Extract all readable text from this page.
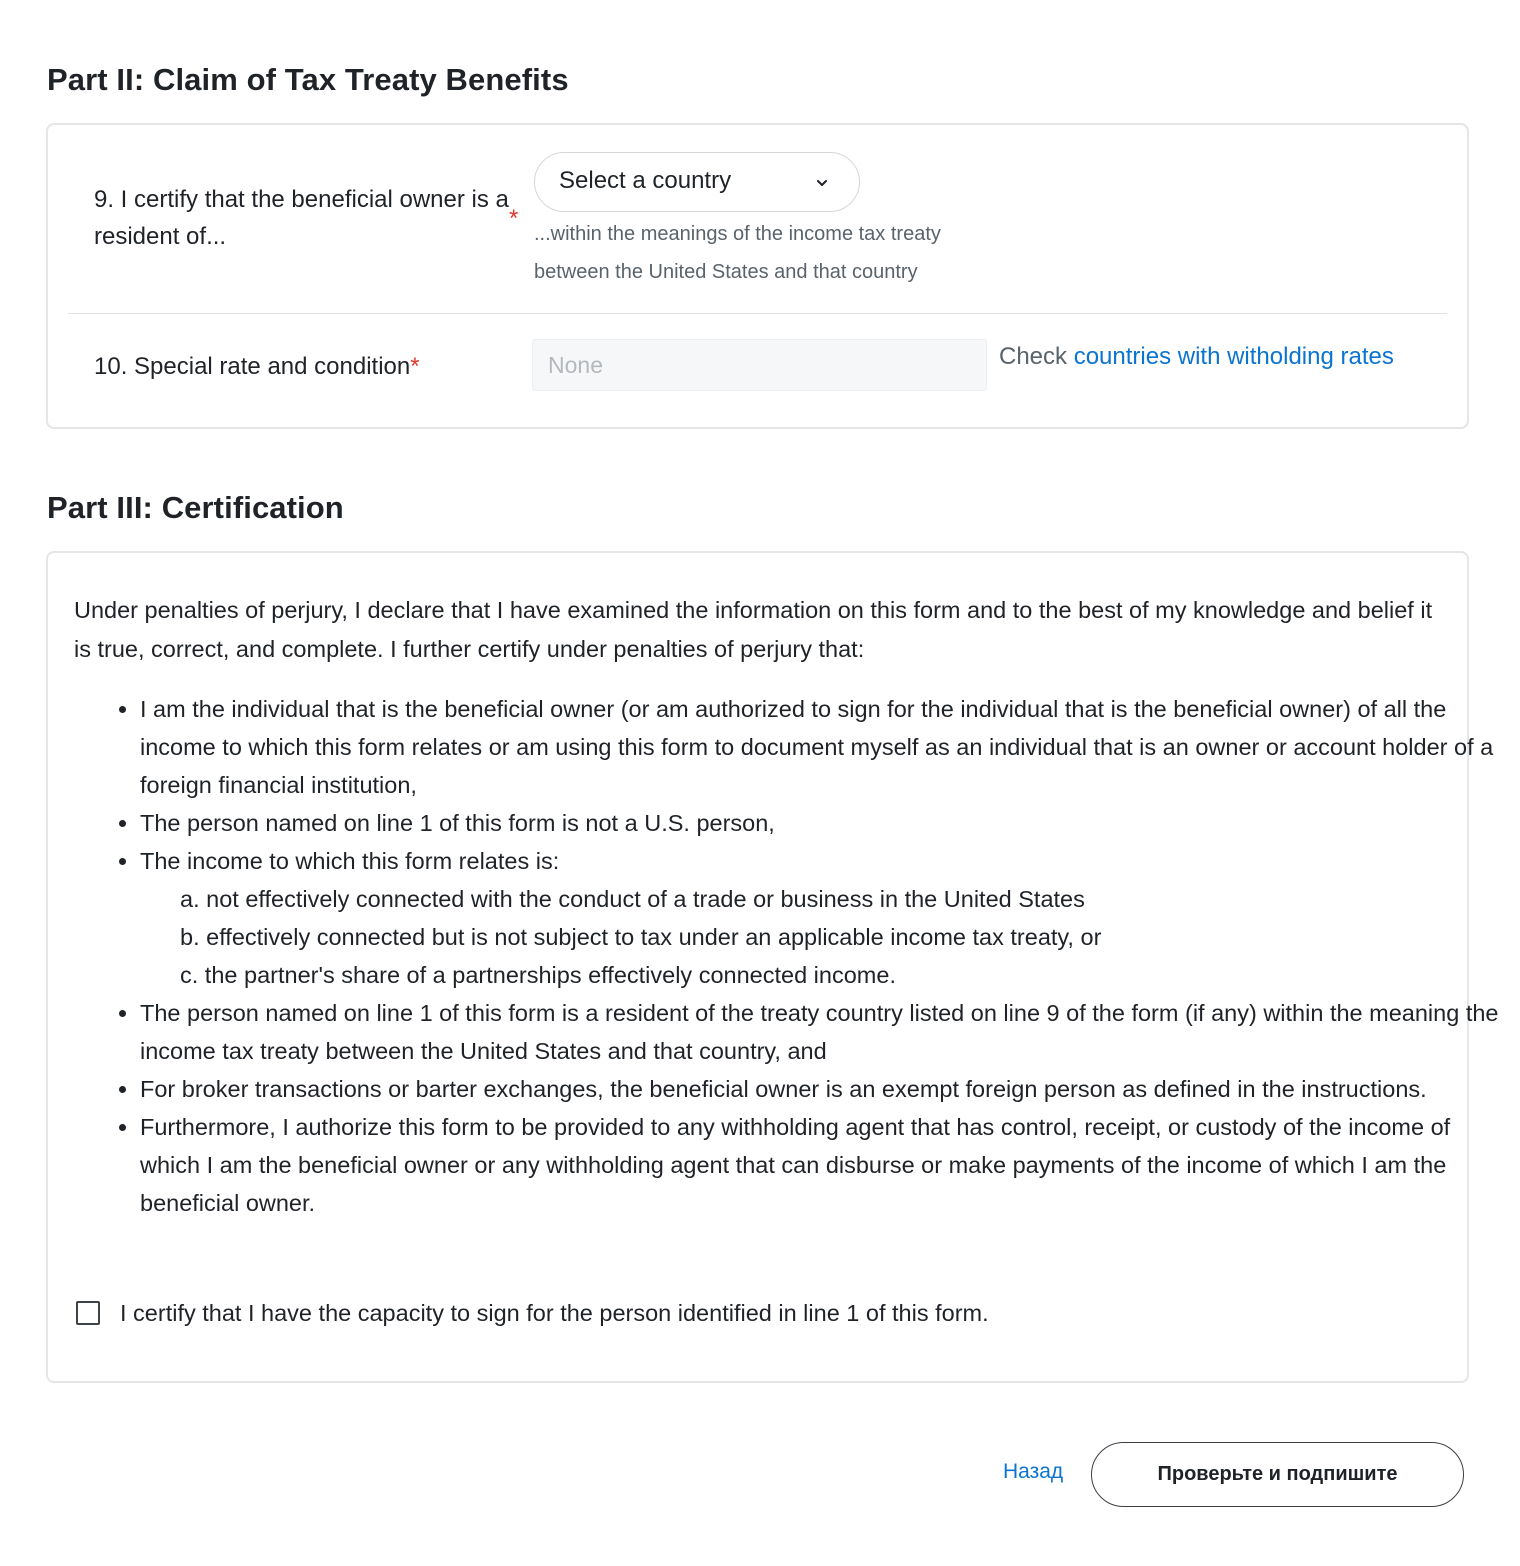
Part II: Claim of Tax Treaty Benefits
9. I certify that the beneficial owner is a resident of...
*
Select a country
...within the meanings of the income tax treaty
between the United States and that country
10. Special rate and condition*
None	Check countries with witholding rates
Part III: Certification

Under penalties of perjury, I declare that I have examined the information on this form and to the best of my knowledge and belief it is true, correct, and complete. I further certify under penalties of perjury that:

• I am the individual that is the beneficial owner (or am authorized to sign for the individual that is the beneficial owner) of all the income to which this form relates or am using this form to document myself as an individual that is an owner or account holder of a foreign financial institution,
• The person named on line 1 of this form is not a U.S. person,
• The income to which this form relates is:
a. not effectively connected with the conduct of a trade or business in the United States
b. effectively connected but is not subject to tax under an applicable income tax treaty, or
c. the partner's share of a partnerships effectively connected income.
• The person named on line 1 of this form is a resident of the treaty country listed on line 9 of the form (if any) within the meaning the income tax treaty between the United States and that country, and
• For broker transactions or barter exchanges, the beneficial owner is an exempt foreign person as defined in the instructions.
• Furthermore, I authorize this form to be provided to any withholding agent that has control, receipt, or custody of the income of which I am the beneficial owner or any withholding agent that can disburse or make payments of the income of which I am the beneficial owner.
I certify that I have the capacity to sign for the person identified in line 1 of this form.
Назад	Проверьте и подпишите
